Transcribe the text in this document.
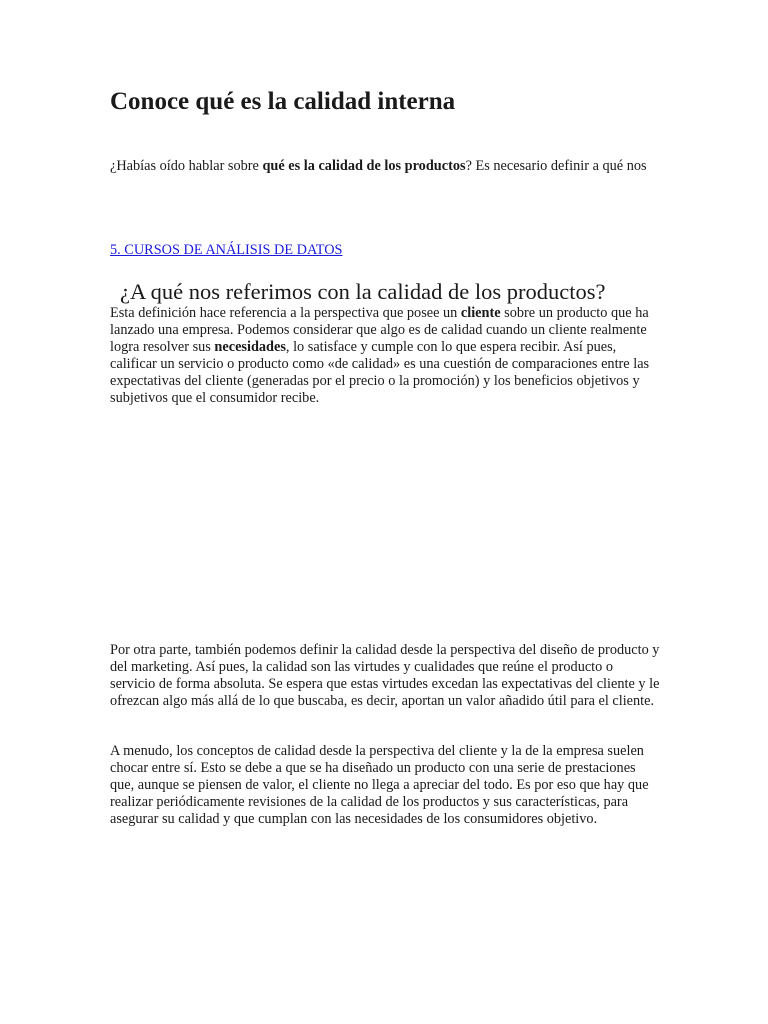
Conoce qué es la calidad interna

¿Habías oído hablar sobre qué es la calidad de los productos? Es necesario definir a qué nos

5. CURSOS DE ANÁLISIS DE DATOS
¿A qué nos referimos con la calidad de los productos?

Esta definición hace referencia a la perspectiva que posee un cliente sobre un producto que ha lanzado una empresa. Podemos considerar que algo es de calidad cuando un cliente realmente logra resolver sus necesidades, lo satisface y cumple con lo que espera recibir. Así pues, calificar un servicio o producto como «de calidad» es una cuestión de comparaciones entre las expectativas del cliente (generadas por el precio o la promoción) y los beneficios objetivos y subjetivos que el consumidor recibe.

Por otra parte, también podemos definir la calidad desde la perspectiva del diseño de producto y del marketing. Así pues, la calidad son las virtudes y cualidades que reúne el producto o servicio de forma absoluta. Se espera que estas virtudes excedan las expectativas del cliente y le ofrezcan algo más allá de lo que buscaba, es decir, aportan un valor añadido útil para el cliente.

A menudo, los conceptos de calidad desde la perspectiva del cliente y la de la empresa suelen chocar entre sí. Esto se debe a que se ha diseñado un producto con una serie de prestaciones que, aunque se piensen de valor, el cliente no llega a apreciar del todo. Es por eso que hay que realizar periódicamente revisiones de la calidad de los productos y sus características, para asegurar su calidad y que cumplan con las necesidades de los consumidores objetivo.
